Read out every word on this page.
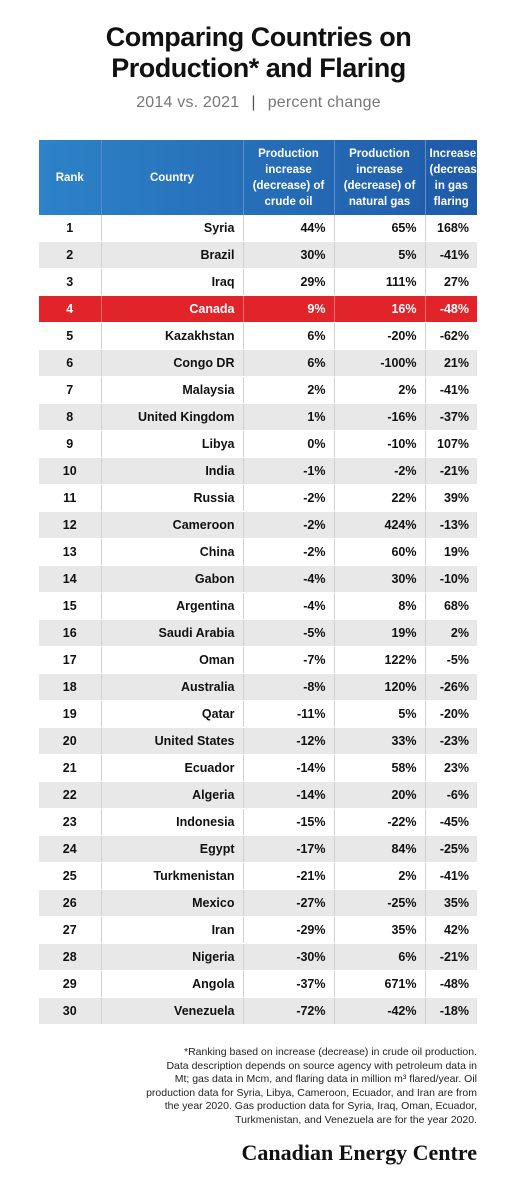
Comparing Countries on
Production* and Flaring
2014 vs. 2021 | percent change
Rank	Country	Production increase (decrease) of crude oil	Production increase (decrease) of natural gas	Increase (decrease) in gas flaring
1	Syria	44%	65%	168%
2	Brazil	30%	5%	-41%
3	Iraq	29%	111%	27%
4	Canada	9%	16%	-48%
5	Kazakhstan	6%	-20%	-62%
6	Congo DR	6%	-100%	21%
7	Malaysia	2%	2%	-41%
8	United Kingdom	1%	-16%	-37%
9	Libya	0%	-10%	107%
10	India	-1%	-2%	-21%
11	Russia	-2%	22%	39%
12	Cameroon	-2%	424%	-13%
13	China	-2%	60%	19%
14	Gabon	-4%	30%	-10%
15	Argentina	-4%	8%	68%
16	Saudi Arabia	-5%	19%	2%
17	Oman	-7%	122%	-5%
18	Australia	-8%	120%	-26%
19	Qatar	-11%	5%	-20%
20	United States	-12%	33%	-23%
21	Ecuador	-14%	58%	23%
22	Algeria	-14%	20%	-6%
23	Indonesia	-15%	-22%	-45%
24	Egypt	-17%	84%	-25%
25	Turkmenistan	-21%	2%	-41%
26	Mexico	-27%	-25%	35%
27	Iran	-29%	35%	42%
28	Nigeria	-30%	6%	-21%
29	Angola	-37%	671%	-48%
30	Venezuela	-72%	-42%	-18%
*Ranking based on increase (decrease) in crude oil production.
Data description depends on source agency with petroleum data in
Mt; gas data in Mcm, and flaring data in million m³ flared/year. Oil
production data for Syria, Libya, Cameroon, Ecuador, and Iran are from
the year 2020. Gas production data for Syria, Iraq, Oman, Ecuador,
Turkmenistan, and Venezuela are for the year 2020.
Canadian Energy Centre
